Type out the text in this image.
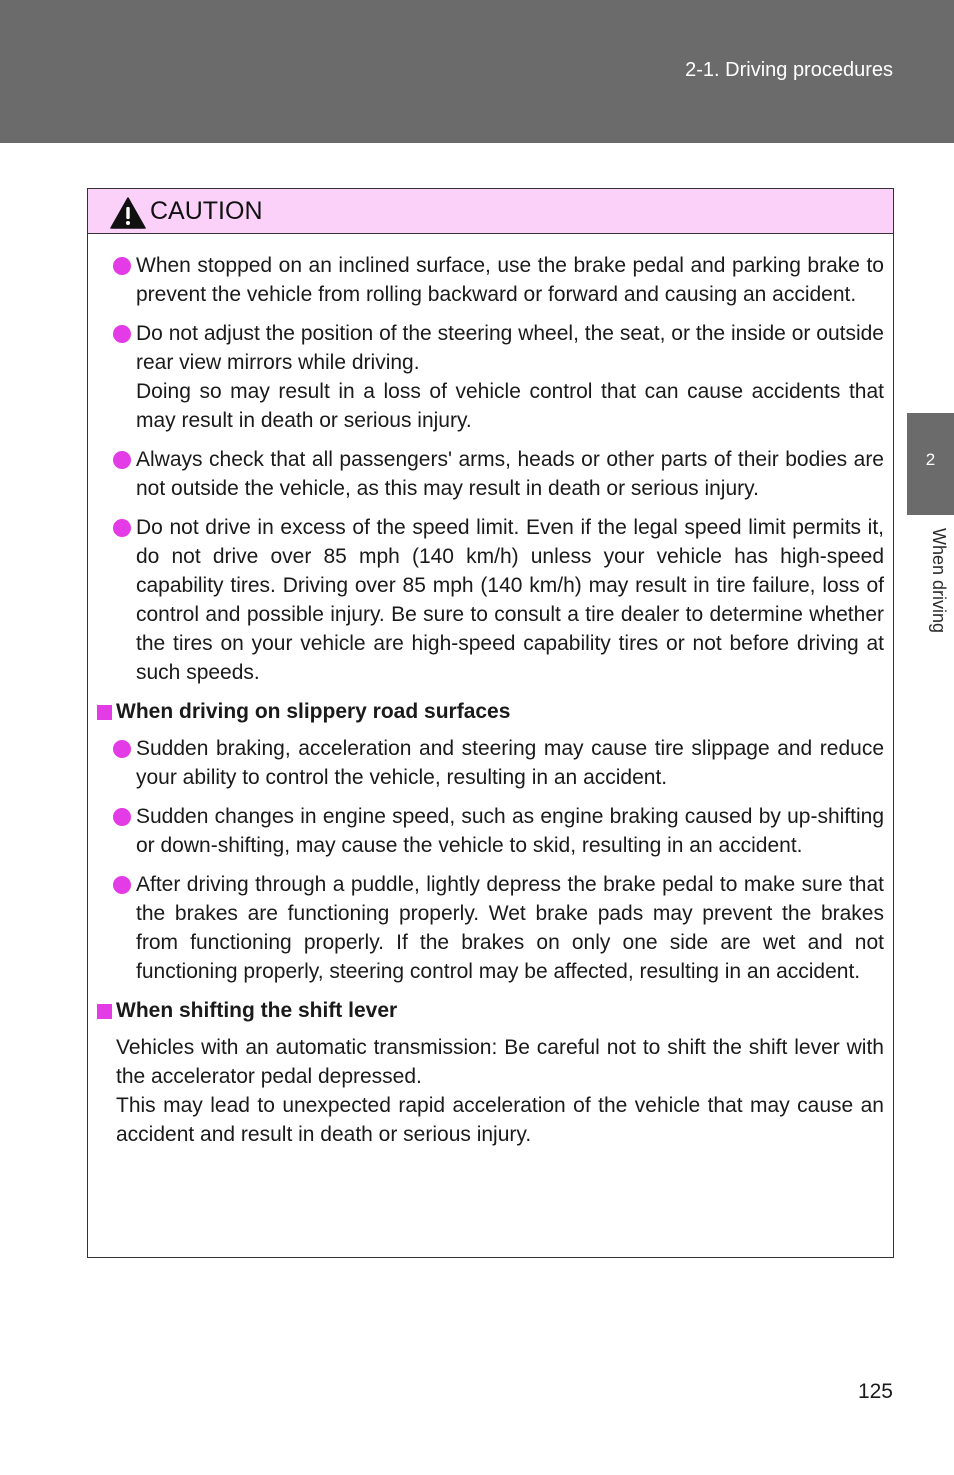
2-1. Driving procedures
2
When driving
CAUTION

When stopped on an inclined surface, use the brake pedal and parking brake to prevent the vehicle from rolling backward or forward and causing an accident.

Do not adjust the position of the steering wheel, the seat, or the inside or outside rear view mirrors while driving.

Doing so may result in a loss of vehicle control that can cause accidents that may result in death or serious injury.

Always check that all passengers' arms, heads or other parts of their bodies are not outside the vehicle, as this may result in death or serious injury.

Do not drive in excess of the speed limit. Even if the legal speed limit permits it, do not drive over 85 mph (140 km/h) unless your vehicle has high-speed capability tires. Driving over 85 mph (140 km/h) may result in tire failure, loss of control and possible injury. Be sure to consult a tire dealer to determine whether the tires on your vehicle are high-speed capability tires or not before driving at such speeds.

When driving on slippery road surfaces

Sudden braking, acceleration and steering may cause tire slippage and reduce your ability to control the vehicle, resulting in an accident.

Sudden changes in engine speed, such as engine braking caused by up-shifting or down-shifting, may cause the vehicle to skid, resulting in an accident.

After driving through a puddle, lightly depress the brake pedal to make sure that the brakes are functioning properly. Wet brake pads may prevent the brakes from functioning properly. If the brakes on only one side are wet and not functioning properly, steering control may be affected, resulting in an accident.

When shifting the shift lever

Vehicles with an automatic transmission: Be careful not to shift the shift lever with the accelerator pedal depressed.

This may lead to unexpected rapid acceleration of the vehicle that may cause an accident and result in death or serious injury.

125
